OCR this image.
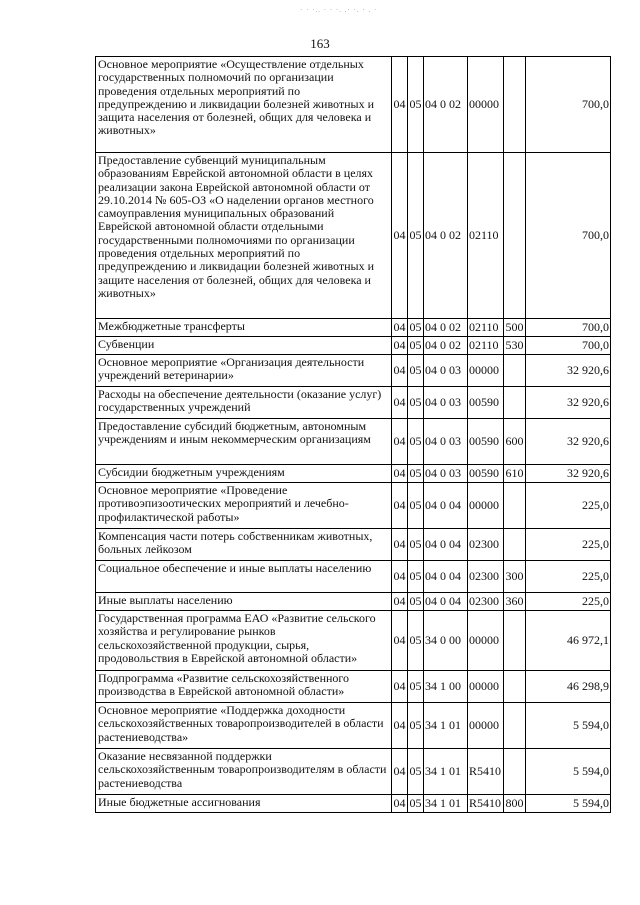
· · ·.. · · ·. ,· ·. · . ·
163
Основное мероприятие «Осуществление отдельных государственных полномочий по организации проведения отдельных мероприятий по предупреждению и ликвидации болезней животных и защита населения от болезней, общих для человека и животных»	04	05	04 0 02	00000		700,0
Предоставление субвенций муниципальным образованиям Еврейской автономной области в целях реализации закона Еврейской автономной области от 29.10.2014 № 605-ОЗ «О наделении органов местного самоуправления муниципальных образований Еврейской автономной области отдельными государственными полномочиями по организации проведения отдельных мероприятий по предупреждению и ликвидации болезней животных и защите населения от болезней, общих для человека и животных»	04	05	04 0 02	02110		700,0
Межбюджетные трансферты	04	05	04 0 02	02110	500	700,0
Субвенции	04	05	04 0 02	02110	530	700,0
Основное мероприятие «Организация деятельности учреждений ветеринарии»	04	05	04 0 03	00000		32 920,6
Расходы на обеспечение деятельности (оказание услуг) государственных учреждений	04	05	04 0 03	00590		32 920,6
Предоставление субсидий бюджетным, автономным учреждениям и иным некоммерческим организациям	04	05	04 0 03	00590	600	32 920,6
Субсидии бюджетным учреждениям	04	05	04 0 03	00590	610	32 920,6
Основное мероприятие «Проведение противоэпизоотических мероприятий и лечебно-профилактической работы»	04	05	04 0 04	00000		225,0
Компенсация части потерь собственникам животных, больных лейкозом	04	05	04 0 04	02300		225,0
Социальное обеспечение и иные выплаты населению	04	05	04 0 04	02300	300	225,0
Иные выплаты населению	04	05	04 0 04	02300	360	225,0
Государственная программа ЕАО «Развитие сельского хозяйства и регулирование рынков сельскохозяйственной продукции, сырья, продовольствия в Еврейской автономной области»	04	05	34 0 00	00000		46 972,1
Подпрограмма «Развитие сельскохозяйственного производства в Еврейской автономной области»	04	05	34 1 00	00000		46 298,9
Основное мероприятие «Поддержка доходности сельскохозяйственных товаропроизводителей в области растениеводства»	04	05	34 1 01	00000		5 594,0
Оказание несвязанной поддержки сельскохозяйственным товаропроизводителям в области растениеводства	04	05	34 1 01	R5410		5 594,0
Иные бюджетные ассигнования	04	05	34 1 01	R5410	800	5 594,0
